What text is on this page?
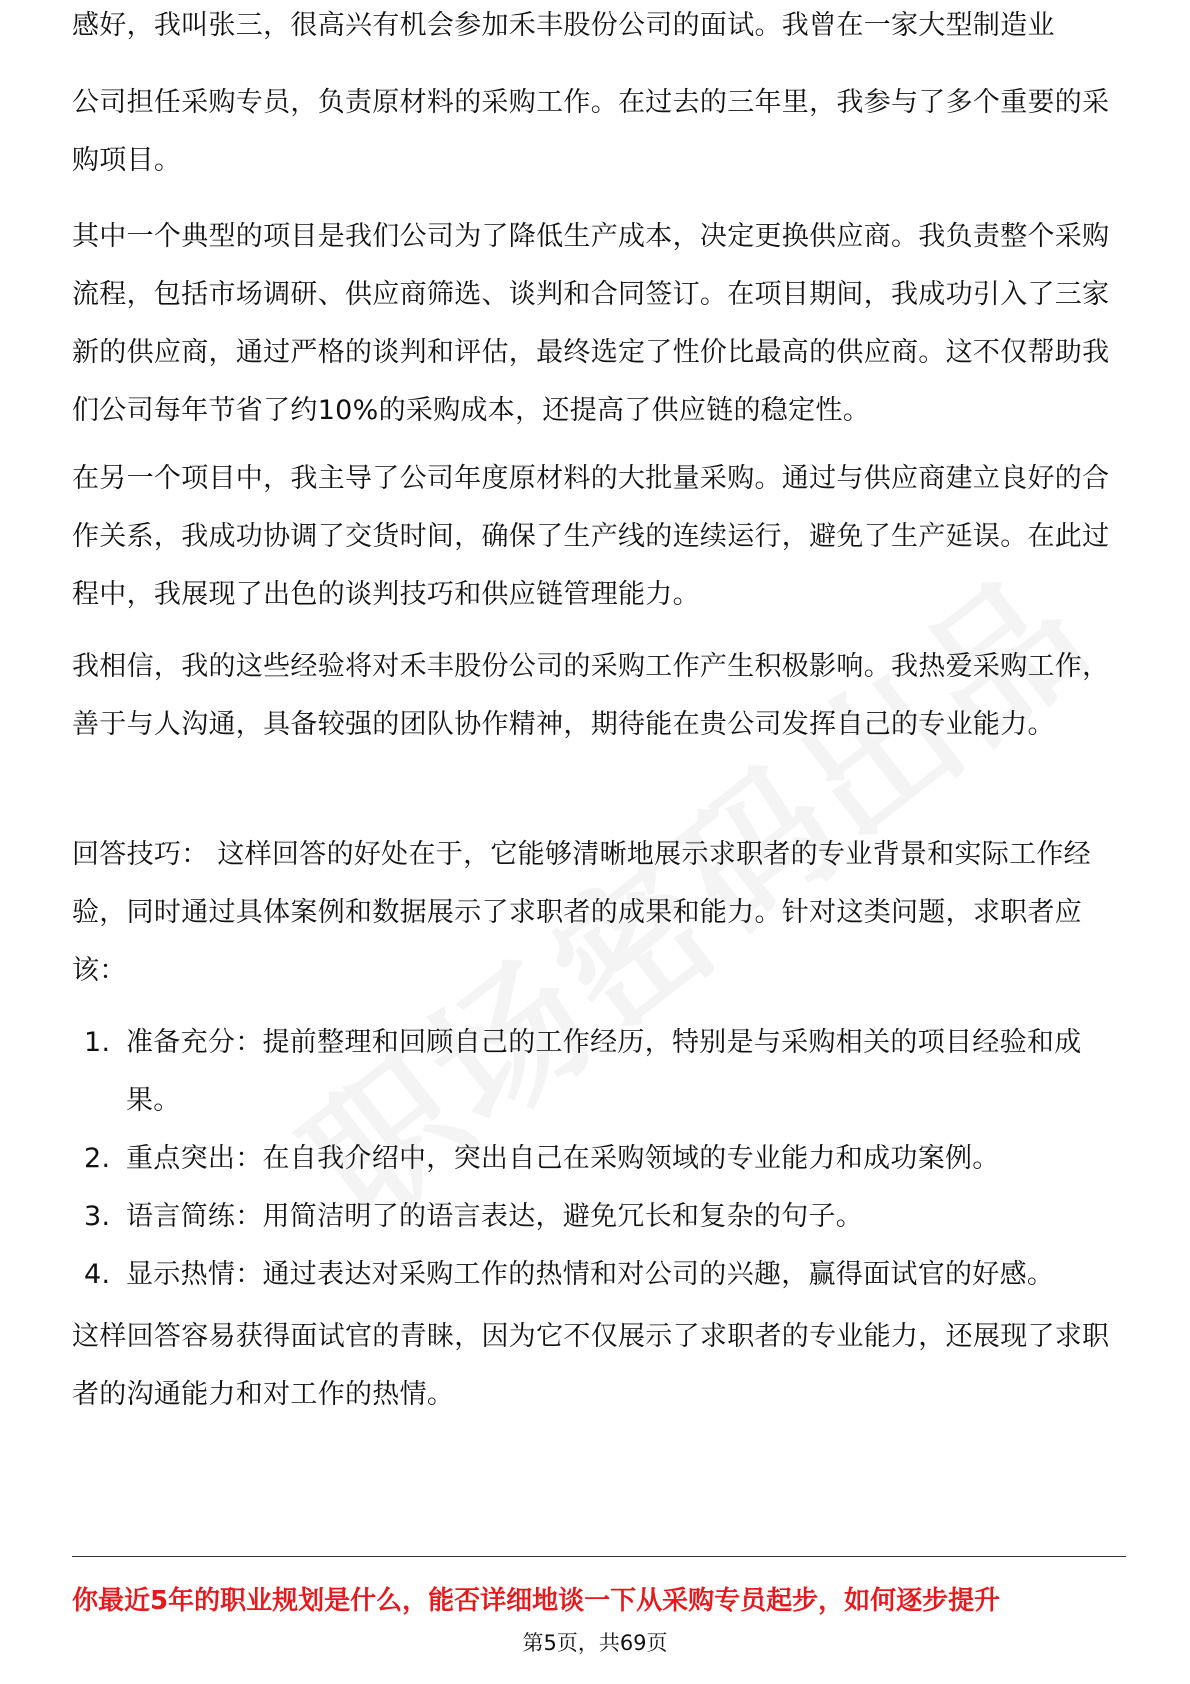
感好，我叫张三，很高兴有机会参加禾丰股份公司的面试。我曾在一家大型制造业

公司担任采购专员，负责原材料的采购工作。在过去的三年里，我参与了多个重要的采购项目。

其中一个典型的项目是我们公司为了降低生产成本，决定更换供应商。我负责整个采购流程，包括市场调研、供应商筛选、谈判和合同签订。在项目期间，我成功引入了三家新的供应商，通过严格的谈判和评估，最终选定了性价比最高的供应商。这不仅帮助我们公司每年节省了约10%的采购成本，还提高了供应链的稳定性。

在另一个项目中，我主导了公司年度原材料的大批量采购。通过与供应商建立良好的合作关系，我成功协调了交货时间，确保了生产线的连续运行，避免了生产延误。在此过程中，我展现了出色的谈判技巧和供应链管理能力。

我相信，我的这些经验将对禾丰股份公司的采购工作产生积极影响。我热爱采购工作，善于与人沟通，具备较强的团队协作精神，期待能在贵公司发挥自己的专业能力。

回答技巧： 这样回答的好处在于，它能够清晰地展示求职者的专业背景和实际工作经验，同时通过具体案例和数据展示了求职者的成果和能力。针对这类问题，求职者应该：

1. 准备充分：提前整理和回顾自己的工作经历，特别是与采购相关的项目经验和成果。
2. 重点突出：在自我介绍中，突出自己在采购领域的专业能力和成功案例。
3. 语言简练：用简洁明了的语言表达，避免冗长和复杂的句子。
4. 显示热情：通过表达对采购工作的热情和对公司的兴趣，赢得面试官的好感。

这样回答容易获得面试官的青睐，因为它不仅展示了求职者的专业能力，还展现了求职者的沟通能力和对工作的热情。

你最近5年的职业规划是什么，能否详细地谈一下从采购专员起步，如何逐步提升
第5页，共69页
